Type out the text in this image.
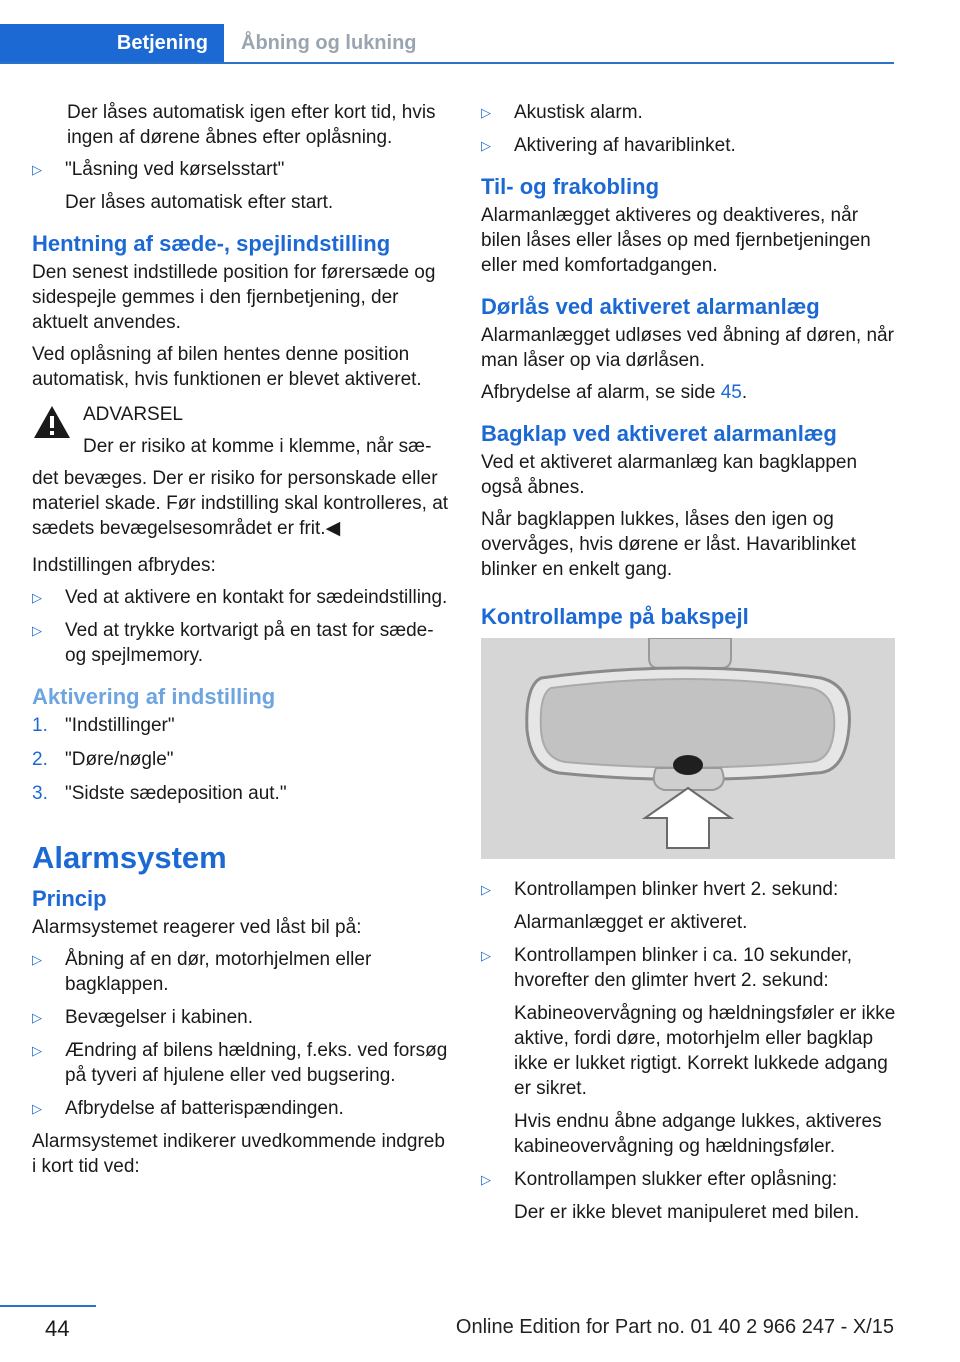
Betjening	Åbning og lukning

Der låses automatisk igen efter kort tid, hvis ingen af dørene åbnes efter oplåsning.

▷ "Låsning ved kørselsstart"

Der låses automatisk efter start.

Hentning af sæde-, spejlindstilling

Den senest indstillede position for førersæde og sidespejle gemmes i den fjernbetjening, der aktuelt anvendes.

Ved oplåsning af bilen hentes denne position automatisk, hvis funktionen er blevet aktiveret.

ADVARSEL

Der er risiko at komme i klemme, når sæ-

det bevæges. Der er risiko for personskade eller materiel skade. Før indstilling skal kontrolleres, at sædets bevægelsesområdet er frit.◀

Indstillingen afbrydes:

▷ Ved at aktivere en kontakt for sædeindstilling.
▷ Ved at trykke kortvarigt på en tast for sæde- og spejlmemory.
Aktivering af indstilling
1. "Indstillinger"
2. "Døre/nøgle"
3. "Sidste sædeposition aut."
Alarmsystem
Princip

Alarmsystemet reagerer ved låst bil på:

▷ Åbning af en dør, motorhjelmen eller bagklappen.
▷ Bevægelser i kabinen.
▷ Ændring af bilens hældning, f.eks. ved forsøg på tyveri af hjulene eller ved bugsering.
▷ Afbrydelse af batterispændingen.

Alarmsystemet indikerer uvedkommende indgreb i kort tid ved:

▷ Akustisk alarm.
▷ Aktivering af havariblinket.
Til- og frakobling

Alarmanlægget aktiveres og deaktiveres, når bilen låses eller låses op med fjernbetjeningen eller med komfortadgangen.

Dørlås ved aktiveret alarmanlæg

Alarmanlægget udløses ved åbning af døren, når man låser op via dørlåsen.

Afbrydelse af alarm, se side 45.

Bagklap ved aktiveret alarmanlæg

Ved et aktiveret alarmanlæg kan bagklappen også åbnes.

Når bagklappen lukkes, låses den igen og overvåges, hvis dørene er låst. Havariblinket blinker en enkelt gang.

Kontrollampe på bakspejl
▷ Kontrollampen blinker hvert 2. sekund:

Alarmanlægget er aktiveret.

▷ Kontrollampen blinker i ca. 10 sekunder, hvorefter den glimter hvert 2. sekund:

Kabineovervågning og hældningsføler er ikke aktive, fordi døre, motorhjelm eller bagklap ikke er lukket rigtigt. Korrekt lukkede adgang er sikret.

Hvis endnu åbne adgange lukkes, aktiveres kabineovervågning og hældningsføler.

▷ Kontrollampen slukker efter oplåsning:

Der er ikke blevet manipuleret med bilen.

44	Online Edition for Part no. 01 40 2 966 247 - X/15
